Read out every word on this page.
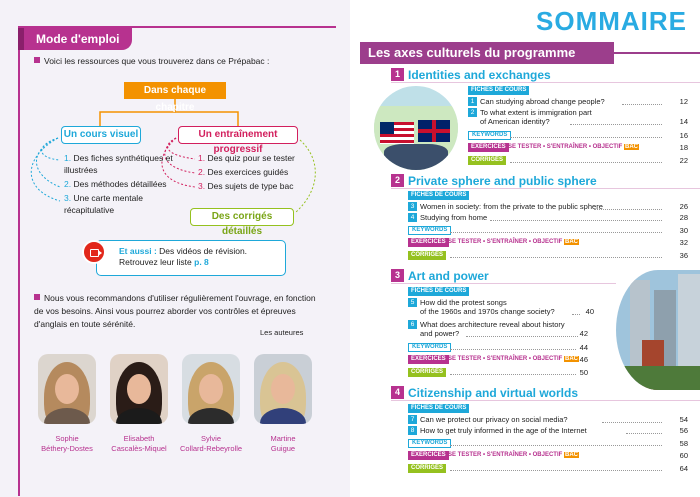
Mode d'emploi
Voici les ressources que vous trouverez dans ce Prépabac :
Dans chaque chapitre
Un cours visuel	Un entraînement progressif
1. Des fiches synthétiques et illustrées
2. Des méthodes détaillées
3. Une carte mentale récapitulative
1. Des quiz pour se tester
2. Des exercices guidés
3. Des sujets de type bac
Des corrigés détaillés
Et aussi : Des vidéos de révision.
Retrouvez leur liste p. 8
Nous vous recommandons d'utiliser régulièrement l'ouvrage, en fonction de vos besoins. Ainsi vous pourrez aborder vos contrôles et épreuves d'anglais en toute sérénité.
Les auteures
Sophie
Béthery-Dostes
Elisabeth
Cascalès-Miquel
Sylvie
Collard-Rebeyrolle
Martine
Guigue
SOMMAIRE
Les axes culturels du programme
1 Identities and exchanges
FICHES DE COURS
1 Can studying abroad change people?	12
2 To what extent is immigration part
of American identity?	14
KEYWORDS	16
EXERCICES SE TESTER • S'ENTRAÎNER • OBJECTIF BAC	18
CORRIGÉS	22
2 Private sphere and public sphere
FICHES DE COURS
3 Women in society: from the private to the public sphere	26
4 Studying from home	28
KEYWORDS	30
EXERCICES SE TESTER • S'ENTRAÎNER • OBJECTIF BAC	32
CORRIGÉS	36
3 Art and power
FICHES DE COURS
5 How did the protest songs
of the 1960s and 1970s change society?	40
6 What does architecture reveal about history
and power?	42
KEYWORDS	44
EXERCICES SE TESTER • S'ENTRAÎNER • OBJECTIF BAC 46
CORRIGÉS	50
4 Citizenship and virtual worlds
FICHES DE COURS
7 Can we protect our privacy on social media?	54
8 How to get truly informed in the age of the Internet	56
KEYWORDS	58
EXERCICES SE TESTER • S'ENTRAÎNER • OBJECTIF BAC	60
CORRIGÉS	64
